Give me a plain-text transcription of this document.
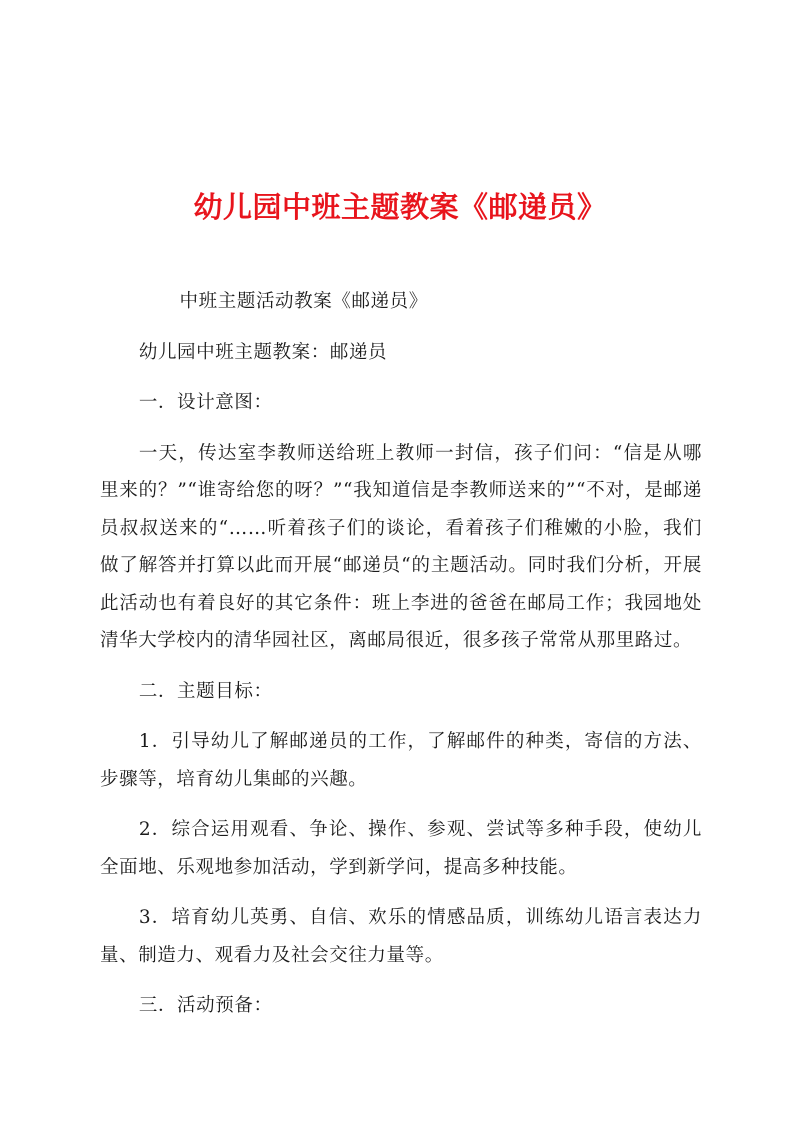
幼儿园中班主题教案《邮递员》

中班主题活动教案《邮递员》

幼儿园中班主题教案：邮递员

一．设计意图：

一天，传达室李教师送给班上教师一封信，孩子们问：“信是从哪里来的？”“谁寄给您的呀？”“我知道信是李教师送来的”“不对，是邮递员叔叔送来的“……听着孩子们的谈论，看着孩子们稚嫩的小脸，我们做了解答并打算以此而开展“邮递员“的主题活动。同时我们分析，开展此活动也有着良好的其它条件：班上李进的爸爸在邮局工作；我园地处清华大学校内的清华园社区，离邮局很近，很多孩子常常从那里路过。

二．主题目标：

1．引导幼儿了解邮递员的工作，了解邮件的种类，寄信的方法、步骤等，培育幼儿集邮的兴趣。

2．综合运用观看、争论、操作、参观、尝试等多种手段，使幼儿全面地、乐观地参加活动，学到新学问，提高多种技能。

3．培育幼儿英勇、自信、欢乐的情感品质，训练幼儿语言表达力量、制造力、观看力及社会交往力量等。

三．活动预备：
